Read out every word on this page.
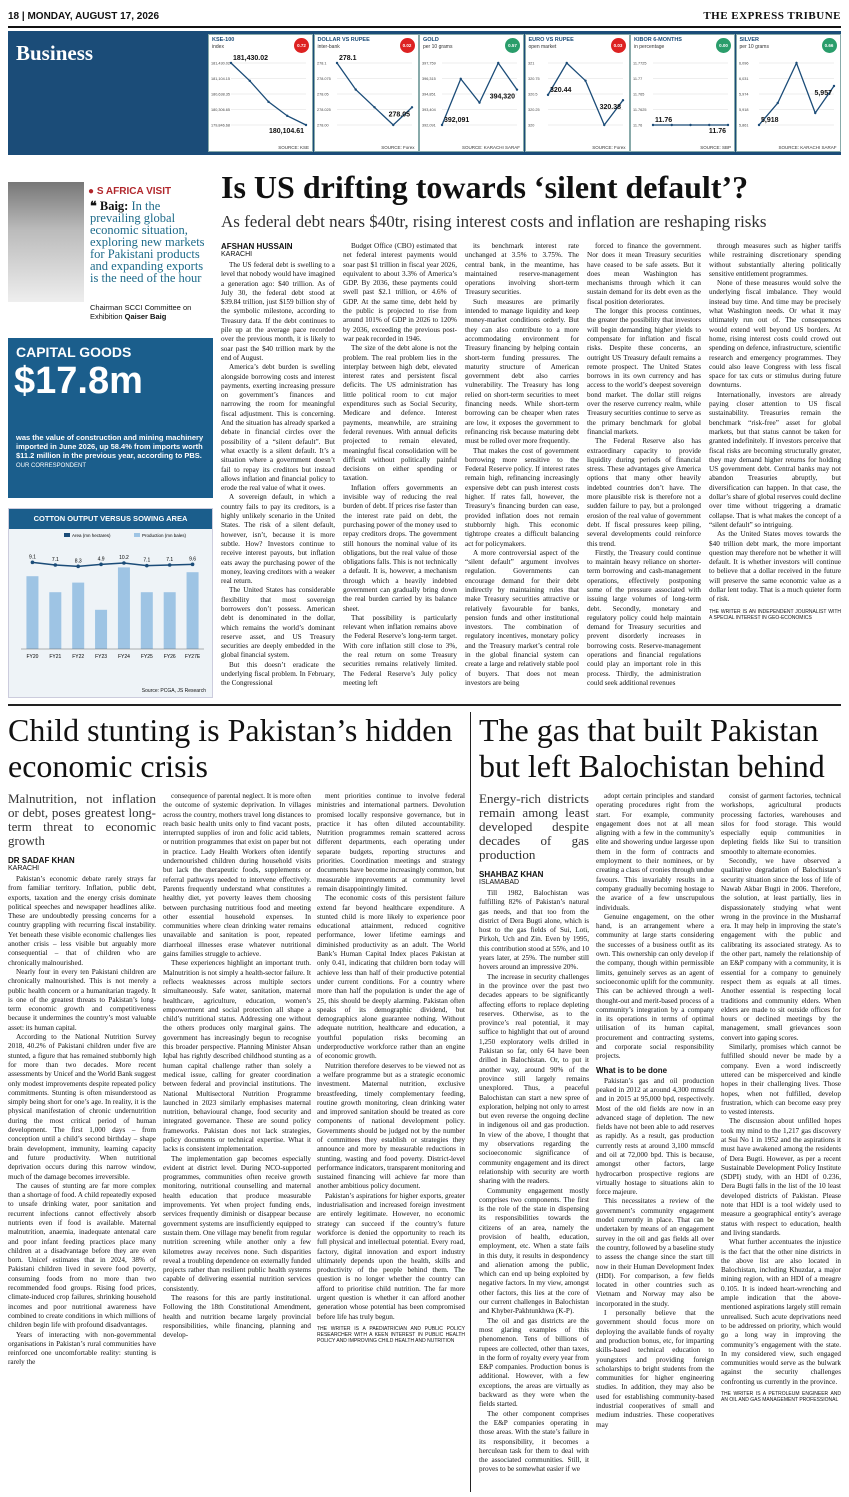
18 | MONDAY, AUGUST 17, 2026	THE EXPRESS TRIBUNE
Business
KSE-100
index	0.72
SOURCE: KSE
181,430.02
181,104.15
180,638.35
180,306.65
179,846.68
181,430.02
180,104.61
DOLLAR VS RUPEE
inter-bank	0.02
SOURCE: Forex
278.1
278.075
278.05
278.025
278.00
278.1
278.05
GOLD
per 10 grams	0.57
SOURCE: KARACHI SARAF
397,759
396,315
394,851
393,404
392,091
392,091
394,320
EURO VS RUPEE
open market	0.03
SOURCE: Forex
321
320.75
320.5
320.25
320
320.44
320.38
KIBOR 6-MONTHS
in percentage	0.00
SOURCE: SBP
11.7725
11.77
11.765
11.7625
11.76
11.76
11.76
SILVER
per 10 grams	0.66
SOURCE: KARACHI SARAF
6,096
6,031
5,974
5,918
5,861
5,918
5,957
● S AFRICA VISIT
❝ Baig: In the prevailing global economic situation, exploring new markets for Pakistani products and expanding exports is the need of the hour
Chairman SCCI Committee on Exhibition Qaiser Baig
Is US drifting towards ‘silent default’?
As federal debt nears $40tr, rising interest costs and inflation are reshaping risks
AFSHAN HUSSAIN
KARACHI

The US federal debt is swelling to a level that nobody would have imagined a generation ago: $40 trillion. As of July 30, the federal debt stood at $39.84 trillion, just $159 billion shy of the symbolic milestone, according to Treasury data. If the debt continues to pile up at the average pace recorded over the previous month, it is likely to soar past the $40 trillion mark by the end of August.

America’s debt burden is swelling alongside borrowing costs and interest payments, exerting increasing pressure on government’s finances and narrowing the room for meaningful fiscal adjustment. This is concerning. And the situation has already sparked a debate in financial circles over the possibility of a “silent default”. But what exactly is a silent default. It’s a situation where a government doesn’t fail to repay its creditors but instead allows inflation and financial policy to erode the real value of what it owes.

A sovereign default, in which a country fails to pay its creditors, is a highly unlikely scenario in the United States. The risk of a silent default, however, isn’t, because it is more subtle. How? Investors continue to receive interest payouts, but inflation eats away the purchasing power of the money, leaving creditors with a weaker real return.

The United States has considerable flexibility that most sovereign borrowers don’t possess. American debt is denominated in the dollar, which remains the world’s dominant reserve asset, and US Treasury securities are deeply embedded in the global financial system.

But this doesn’t eradicate the underlying fiscal problem. In February, the Congressional

Budget Office (CBO) estimated that net federal interest payments would soar past $1 trillion in fiscal year 2026, equivalent to about 3.3% of America’s GDP. By 2036, these payments could swell past $2.1 trillion, or 4.6% of GDP. At the same time, debt held by the public is projected to rise from around 101% of GDP in 2026 to 120% by 2036, exceeding the previous post-war peak recorded in 1946.

The size of the debt alone is not the problem. The real problem lies in the interplay between high debt, elevated interest rates and persistent fiscal deficits. The US administration has little political room to cut major expenditures such as Social Security, Medicare and defence. Interest payments, meanwhile, are straining federal revenues. With annual deficits projected to remain elevated, meaningful fiscal consolidation will be difficult without politically painful decisions on either spending or taxation.

Inflation offers governments an invisible way of reducing the real burden of debt. If prices rise faster than the interest rate paid on debt, the purchasing power of the money used to repay creditors drops. The government still honours the nominal value of its obligations, but the real value of those obligations falls. This is not technically a default. It is, however, a mechanism through which a heavily indebted government can gradually bring down the real burden carried by its balance sheet.

That possibility is particularly relevant when inflation remains above the Federal Reserve’s long-term target. With core inflation still close to 3%, the real return on some Treasury securities remains relatively limited. The Federal Reserve’s July policy meeting left

its benchmark interest rate unchanged at 3.5% to 3.75%. The central bank, in the meantime, has maintained reserve-management operations involving short-term Treasury securities.

Such measures are primarily intended to manage liquidity and keep money-market conditions orderly. But they can also contribute to a more accommodating environment for Treasury financing by helping contain short-term funding pressures. The maturity structure of American government debt also carries vulnerability. The Treasury has long relied on short-term securities to meet financing needs. While short-term borrowing can be cheaper when rates are low, it exposes the government to refinancing risk because maturing debt must be rolled over more frequently.

That makes the cost of government borrowing more sensitive to the Federal Reserve policy. If interest rates remain high, refinancing increasingly expensive debt can push interest costs higher. If rates fall, however, the Treasury’s financing burden can ease, provided inflation does not remain stubbornly high. This economic tightrope creates a difficult balancing act for policymakers.

A more controversial aspect of the “silent default” argument involves regulation. Governments can encourage demand for their debt indirectly by maintaining rules that make Treasury securities attractive or relatively favourable for banks, pension funds and other institutional investors. The combination of regulatory incentives, monetary policy and the Treasury market’s central role in the global financial system can create a large and relatively stable pool of buyers. That does not mean investors are being

forced to finance the government. Nor does it mean Treasury securities have ceased to be safe assets. But it does mean Washington has mechanisms through which it can sustain demand for its debt even as the fiscal position deteriorates.

The longer this process continues, the greater the possibility that investors will begin demanding higher yields to compensate for inflation and fiscal risks. Despite these concerns, an outright US Treasury default remains a remote prospect. The United States borrows in its own currency and has access to the world’s deepest sovereign bond market. The dollar still reigns over the reserve currency realm, while Treasury securities continue to serve as the primary benchmark for global financial markets.

The Federal Reserve also has extraordinary capacity to provide liquidity during periods of financial stress. These advantages give America options that many other heavily indebted countries don’t have. The more plausible risk is therefore not a sudden failure to pay, but a prolonged erosion of the real value of government debt. If fiscal pressures keep piling, several developments could reinforce this trend.

Firstly, the Treasury could continue to maintain heavy reliance on shorter-term borrowing and cash-management operations, effectively postponing some of the pressure associated with issuing large volumes of long-term debt. Secondly, monetary and regulatory policy could help maintain demand for Treasury securities and prevent disorderly increases in borrowing costs. Reserve-management operations and financial regulations could play an important role in this process. Thirdly, the administration could seek additional revenues

through measures such as higher tariffs while restraining discretionary spending without substantially altering politically sensitive entitlement programmes.

None of these measures would solve the underlying fiscal imbalance. They would instead buy time. And time may be precisely what Washington needs. Or what it may ultimately run out of. The consequences would extend well beyond US borders. At home, rising interest costs could crowd out spending on defence, infrastructure, scientific research and emergency programmes. They could also leave Congress with less fiscal space for tax cuts or stimulus during future downturns.

Internationally, investors are already paying closer attention to US fiscal sustainability. Treasuries remain the benchmark “risk-free” asset for global markets, but that status cannot be taken for granted indefinitely. If investors perceive that fiscal risks are becoming structurally greater, they may demand higher returns for holding US government debt. Central banks may not abandon Treasuries abruptly, but diversification can happen. In that case, the dollar’s share of global reserves could decline over time without triggering a dramatic collapse. That is what makes the concept of a “silent default” so intriguing.

As the United States moves towards the $40 trillion debt mark, the more important question may therefore not be whether it will default. It is whether investors will continue to believe that a dollar received in the future will preserve the same economic value as a dollar lent today. That is a much quieter form of risk.

THE WRITER IS AN INDEPENDENT JOURNALIST WITH A SPECIAL INTEREST IN GEO-ECONOMICS
CAPITAL GOODS
$17.8m
was the value of construction and mining machinery imported in June 2026, up 58.4% from imports worth $11.2 million in the previous year, according to PBS. OUR CORRESPONDENT
COTTON OUTPUT VERSUS SOWING AREA
Area (mn hectares)	Production (mn bales)
9.1
FY20
7.1
FY21
8.3
FY22
4.9
FY23
10.2
FY24
7.1
FY25
7.1
FY26
9.6
FY27E
Source: PCGA, JS Research
Child stunting is Pakistan’s hidden economic crisis
Malnutrition, not inflation or debt, poses greatest long-term threat to economic growth
DR SADAF KHAN
KARACHI

Pakistan’s economic debate rarely strays far from familiar territory. Inflation, public debt, exports, taxation and the energy crisis dominate political speeches and newspaper headlines alike. These are undoubtedly pressing concerns for a country grappling with recurring fiscal instability. Yet beneath these visible economic challenges lies another crisis – less visible but arguably more consequential – that of children who are chronically malnourished.

Nearly four in every ten Pakistani children are chronically malnourished. This is not merely a public health concern or a humanitarian tragedy. It is one of the greatest threats to Pakistan’s long-term economic growth and competitiveness because it undermines the country’s most valuable asset: its human capital.

According to the National Nutrition Survey 2018, 40.2% of Pakistani children under five are stunted, a figure that has remained stubbornly high for more than two decades. More recent assessments by Unicef and the World Bank suggest only modest improvements despite repeated policy commitments. Stunting is often misunderstood as simply being short for one’s age. In reality, it is the physical manifestation of chronic undernutrition during the most critical period of human development. The first 1,000 days – from conception until a child’s second birthday – shape brain development, immunity, learning capacity and future productivity. When nutritional deprivation occurs during this narrow window, much of the damage becomes irreversible.

The causes of stunting are far more complex than a shortage of food. A child repeatedly exposed to unsafe drinking water, poor sanitation and recurrent infections cannot effectively absorb nutrients even if food is available. Maternal malnutrition, anaemia, inadequate antenatal care and poor infant feeding practices place many children at a disadvantage before they are even born. Unicef estimates that in 2024, 38% of Pakistani children lived in severe food poverty, consuming foods from no more than two recommended food groups. Rising food prices, climate-induced crop failures, shrinking household incomes and poor nutritional awareness have combined to create conditions in which millions of children begin life with profound disadvantages.

Years of interacting with non-governmental organisations in Pakistan’s rural communities have reinforced one uncomfortable reality: stunting is rarely the

consequence of parental neglect. It is more often the outcome of systemic deprivation. In villages across the country, mothers travel long distances to reach basic health units only to find vacant posts, interrupted supplies of iron and folic acid tablets, or nutrition programmes that exist on paper but not in practice. Lady Health Workers often identify undernourished children during household visits but lack the therapeutic foods, supplements or referral pathways needed to intervene effectively. Parents frequently understand what constitutes a healthy diet, yet poverty leaves them choosing between purchasing nutritious food and meeting other essential household expenses. In communities where clean drinking water remains unavailable and sanitation is poor, repeated diarrhoeal illnesses erase whatever nutritional gains families struggle to achieve.

These experiences highlight an important truth. Malnutrition is not simply a health-sector failure. It reflects weaknesses across multiple sectors simultaneously. Safe water, sanitation, maternal healthcare, agriculture, education, women’s empowerment and social protection all shape a child’s nutritional status. Addressing one without the others produces only marginal gains. The government has increasingly begun to recognise this broader perspective. Planning Minister Ahsan Iqbal has rightly described childhood stunting as a human capital challenge rather than solely a medical issue, calling for greater coordination between federal and provincial institutions. The National Multisectoral Nutrition Programme launched in 2023 similarly emphasises maternal nutrition, behavioural change, food security and integrated governance. These are sound policy frameworks. Pakistan does not lack strategies, policy documents or technical expertise. What it lacks is consistent implementation.

The implementation gap becomes especially evident at district level. During NCO-supported programmes, communities often receive growth monitoring, nutritional counselling and maternal health education that produce measurable improvements. Yet when project funding ends, services frequently diminish or disappear because government systems are insufficiently equipped to sustain them. One village may benefit from regular nutrition screening while another only a few kilometres away receives none. Such disparities reveal a troubling dependence on externally funded projects rather than resilient public health systems capable of delivering essential nutrition services consistently.

The reasons for this are partly institutional. Following the 18th Constitutional Amendment, health and nutrition became largely provincial responsibilities, while financing, planning and develop-

ment priorities continue to involve federal ministries and international partners. Devolution promised locally responsive governance, but in practice it has often diluted accountability. Nutrition programmes remain scattered across different departments, each operating under separate budgets, reporting structures and priorities. Coordination meetings and strategy documents have become increasingly common, but measurable improvements at community level remain disappointingly limited.

The economic costs of this persistent failure extend far beyond healthcare expenditure. A stunted child is more likely to experience poor educational attainment, reduced cognitive performance, lower lifetime earnings and diminished productivity as an adult. The World Bank’s Human Capital Index places Pakistan at only 0.41, indicating that children born today will achieve less than half of their productive potential under current conditions. For a country where more than half the population is under the age of 25, this should be deeply alarming. Pakistan often speaks of its demographic dividend, but demographics alone guarantee nothing. Without adequate nutrition, healthcare and education, a youthful population risks becoming an underproductive workforce rather than an engine of economic growth.

Nutrition therefore deserves to be viewed not as a welfare programme but as a strategic economic investment. Maternal nutrition, exclusive breastfeeding, timely complementary feeding, routine growth monitoring, clean drinking water and improved sanitation should be treated as core components of national development policy. Governments should be judged not by the number of committees they establish or strategies they announce and more by measurable reductions in stunting, wasting and food poverty. District-level performance indicators, transparent monitoring and sustained financing will achieve far more than another ambitious policy document.

Pakistan’s aspirations for higher exports, greater industrialisation and increased foreign investment are entirely legitimate. However, no economic strategy can succeed if the country’s future workforce is denied the opportunity to reach its full physical and intellectual potential. Every road, factory, digital innovation and export industry ultimately depends upon the health, skills and productivity of the people behind them. The question is no longer whether the country can afford to prioritise child nutrition. The far more urgent question is whether it can afford another generation whose potential has been compromised before life has truly begun.

THE WRITER IS A PAEDIATRICIAN AND PUBLIC POLICY RESEARCHER WITH A KEEN INTEREST IN PUBLIC HEALTH POLICY AND IMPROVING CHILD HEALTH AND NUTRITION
The gas that built Pakistan but left Balochistan behind
Energy-rich districts remain among least developed despite decades of gas production
SHAHBAZ KHAN
ISLAMABAD

Till 1982, Balochistan was fulfilling 82% of Pakistan’s natural gas needs, and that too from the district of Dera Bugti alone, which is host to the gas fields of Sui, Loti, Pirkoh, Uch and Zin. Even by 1995, this contribution stood at 55%, and 10 years later, at 25%. The number still hovers around an impressive 20%.

The increase in security challenges in the province over the past two decades appears to be significantly affecting efforts to replace depleting reserves. Otherwise, as to the province’s real potential, it may suffice to highlight that out of around 1,250 exploratory wells drilled in Pakistan so far, only 64 have been drilled in Balochistan. Or, to put it another way, around 90% of the province still largely remains unexplored. Thus, a peaceful Balochistan can start a new spree of exploration, helping not only to arrest but even reverse the ongoing decline in indigenous oil and gas production. In view of the above, I thought that my observations regarding the socioeconomic significance of community engagement and its direct relationship with security are worth sharing with the readers.

Community engagement mostly comprises two components. The first is the role of the state in dispensing its responsibilities towards the citizens of an area, namely the provision of health, education, employment, etc. When a state fails in this duty, it results in despondency and alienation among the public, which can end up being exploited by negative factors. In my view, amongst other factors, this lies at the core of our current challenges in Balochistan and Khyber-Pakhtunkhwa (K-P).

The oil and gas districts are the most glaring examples of this phenomenon. Tens of billions of rupees are collected, other than taxes, in the form of royalty every year from E&P companies. Production bonus is additional. However, with a few exceptions, the areas are virtually as backward as they were when the fields started.

The other component comprises the E&P companies operating in those areas. With the state’s failure in its responsibility, it becomes a herculean task for them to deal with the associated communities. Still, it proves to be somewhat easier if we

adopt certain principles and standard operating procedures right from the start. For example, community engagement does not at all mean aligning with a few in the community’s elite and showering undue largesse upon them in the form of contracts and employment to their nominees, or by creating a class of cronies through undue favours. This invariably results in a company gradually becoming hostage to the avarice of a few unscrupulous individuals.

Genuine engagement, on the other hand, is an arrangement where a community at large starts considering the successes of a business outfit as its own. This ownership can only develop if the company, though within permissible limits, genuinely serves as an agent of socioeconomic uplift for the community. This can be achieved through a well-thought-out and merit-based process of a community’s integration by a company in its operations in terms of optimal utilisation of its human capital, procurement and contracting systems, and corporate social responsibility projects.

What is to be done

Pakistan’s gas and oil production peaked in 2012 at around 4,300 mmscfd and in 2015 at 95,000 bpd, respectively. Most of the old fields are now in an advanced stage of depletion. The new fields have not been able to add reserves as rapidly. As a result, gas production currently rests at around 3,100 mmscfd and oil at 72,000 bpd. This is because, amongst other factors, large hydrocarbon prospective regions are virtually hostage to situations akin to force majeure.

This necessitates a review of the government’s community engagement model currently in place. That can be undertaken by means of an engagement survey in the oil and gas fields all over the country, followed by a baseline study to assess the change since the start till now in their Human Development Index (HDI). For comparison, a few fields located in other countries such as Vietnam and Norway may also be incorporated in the study.

I personally believe that the government should focus more on deploying the available funds of royalty and production bonus, etc, for imparting skills-based technical education to youngsters and providing foreign scholarships to bright students from the communities for higher engineering studies. In addition, they may also be used for establishing community-based industrial cooperatives of small and medium industries. These cooperatives may

consist of garment factories, technical workshops, agricultural products processing factories, warehouses and silos for food storage. This would especially equip communities in depleting fields like Sui to transition smoothly to alternate economies.

Secondly, we have observed a qualitative degradation of Balochistan’s security situation since the loss of life of Nawab Akbar Bugti in 2006. Therefore, the solution, at least partially, lies in dispassionately studying what went wrong in the province in the Musharraf era. It may help in improving the state’s engagement with the public and calibrating its associated strategy. As to the other part, namely the relationship of an E&P company with a community, it is essential for a company to genuinely respect them as equals at all times. Another essential is respecting local traditions and community elders. When elders are made to sit outside offices for hours or declined meetings by the management, small grievances soon convert into gaping scores.

Similarly, promises which cannot be fulfilled should never be made by a company. Even a word indiscreetly uttered can be misperceived and kindle hopes in their challenging lives. Those hopes, when not fulfilled, develop frustration, which can become easy prey to vested interests.

The discussion about unfilled hopes took my mind to the 1,217 gas discovery at Sui No 1 in 1952 and the aspirations it must have awakened among the residents of Dera Bugti. However, as per a recent Sustainable Development Policy Institute (SDPI) study, with an HDI of 0.236, Dera Bugti falls in the list of the 10 least developed districts of Pakistan. Please note that HDI is a tool widely used to measure a geographical entity’s average status with respect to education, health and living standards.

What further accentuates the injustice is the fact that the other nine districts in the above list are also located in Balochistan, including Khuzdar, a major mining region, with an HDI of a meagre 0.105. It is indeed heart-wrenching and ample indication that the above-mentioned aspirations largely still remain unrealised. Such acute deprivations need to be addressed on priority, which would go a long way in improving the community’s engagement with the state. In my considered view, such engaged communities would serve as the bulwark against the security challenges confronting us currently in the province.

THE WRITER IS A PETROLEUM ENGINEER AND AN OIL AND GAS MANAGEMENT PROFESSIONAL
